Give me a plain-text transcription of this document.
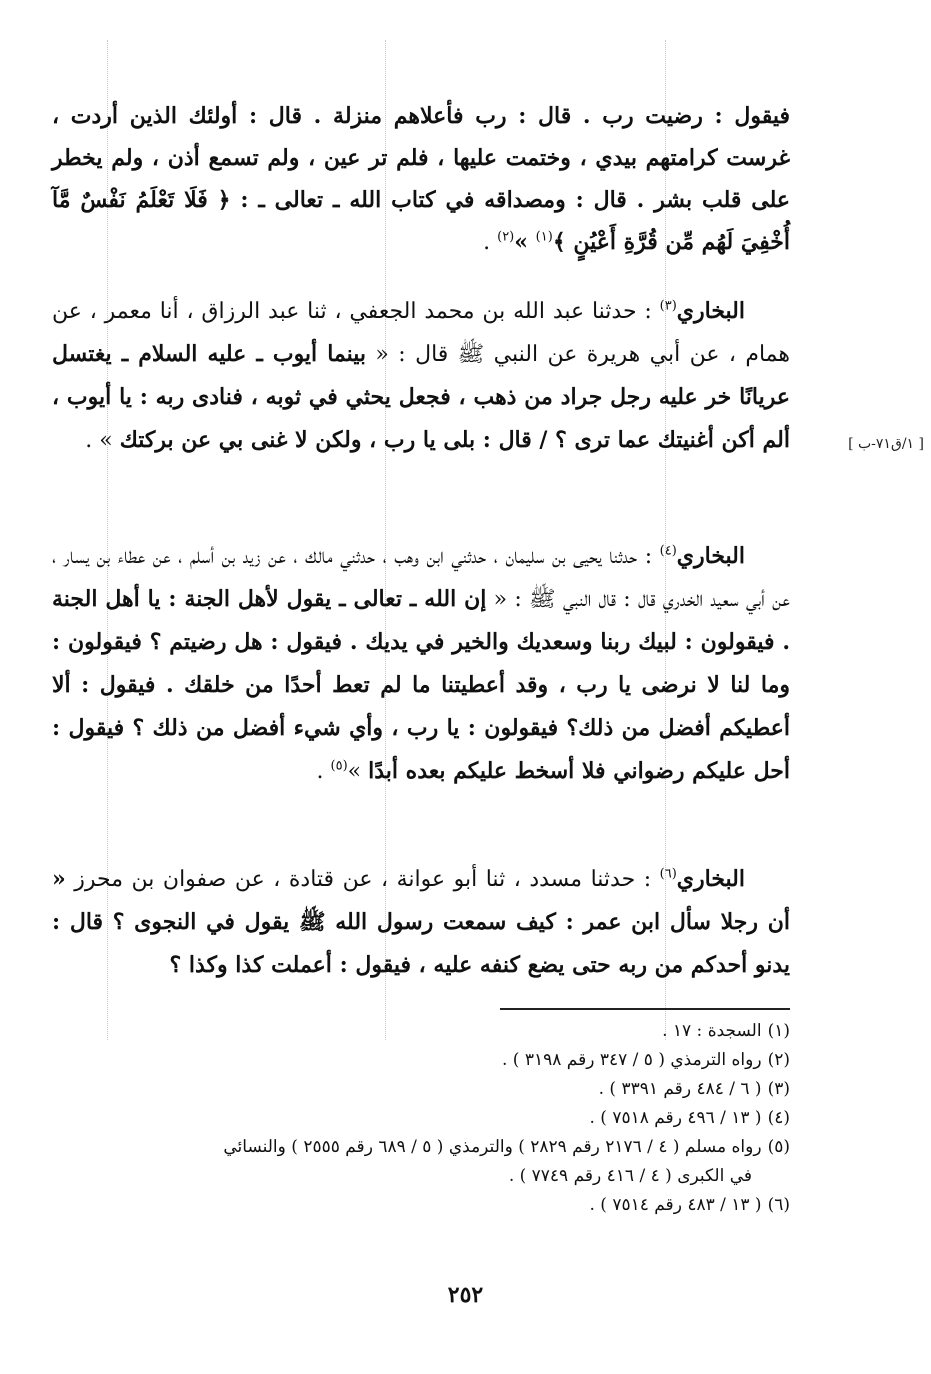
فيقول : رضيت رب . قال : رب فأعلاهم منزلة . قال : أولئك الذين أردت ، غرست كرامتهم بيدي ، وختمت عليها ، فلم تر عين ، ولم تسمع أذن ، ولم يخطر على قلب بشر . قال : ومصداقه في كتاب الله ـ تعالى ـ : ﴿ فَلَا تَعْلَمُ نَفْسٌ مَّآ أُخْفِيَ لَهُم مِّن قُرَّةِ أَعْيُنٍ ﴾$^{(١)}$ »$^{(٢)}$ .

البخاري$^{(٣)}$ : حدثنا عبد الله بن محمد الجعفي ، ثنا عبد الرزاق ، أنا معمر ، عن همام ، عن أبي هريرة عن النبي ﷺ قال : « بينما أيوب ـ عليه السلام ـ يغتسل عريانًا خر عليه رجل جراد من ذهب ، فجعل يحثي في ثوبه ، فنادى ربه : يا أيوب ، ألم أكن أغنيتك عما ترى ؟ / قال : بلى يا رب ، ولكن لا غنى بي عن بركتك » .	[ ١/ق٧١-ب ]

البخاري$^{(٤)}$ : حدثنا يحيى بن سليمان ، حدثني ابن وهب ، حدثني مالك ، عن زيد بن أسلم ، عن عطاء بن يسار ، عن أبي سعيد الخدري قال : قال النبي ﷺ : « إن الله ـ تعالى ـ يقول لأهل الجنة : يا أهل الجنة . فيقولون : لبيك ربنا وسعديك والخير في يديك . فيقول : هل رضيتم ؟ فيقولون : وما لنا لا نرضى يا رب ، وقد أعطيتنا ما لم تعط أحدًا من خلقك . فيقول : ألا أعطيكم أفضل من ذلك؟ فيقولون : يا رب ، وأي شيء أفضل من ذلك ؟ فيقول : أحل عليكم رضواني فلا أسخط عليكم بعده أبدًا »$^{(٥)}$ .

البخاري$^{(٦)}$ : حدثنا مسدد ، ثنا أبو عوانة ، عن قتادة ، عن صفوان بن محرز « أن رجلا سأل ابن عمر : كيف سمعت رسول الله ﷺ يقول في النجوى ؟ قال : يدنو أحدكم من ربه حتى يضع كنفه عليه ، فيقول : أعملت كذا وكذا ؟

(١)السجدة : ١٧ .

(٢)رواه الترمذي ( ٥ / ٣٤٧ رقم ٣١٩٨ ) .

(٣)( ٦ / ٤٨٤ رقم ٣٣٩١ ) .

(٤)( ١٣ / ٤٩٦ رقم ٧٥١٨ ) .

(٥)رواه مسلم ( ٤ / ٢١٧٦ رقم ٢٨٢٩ ) والترمذي ( ٥ / ٦٨٩ رقم ٢٥٥٥ ) والنسائي

في الكبرى ( ٤ / ٤١٦ رقم ٧٧٤٩ ) .

(٦)( ١٣ / ٤٨٣ رقم ٧٥١٤ ) .

٢٥٢
